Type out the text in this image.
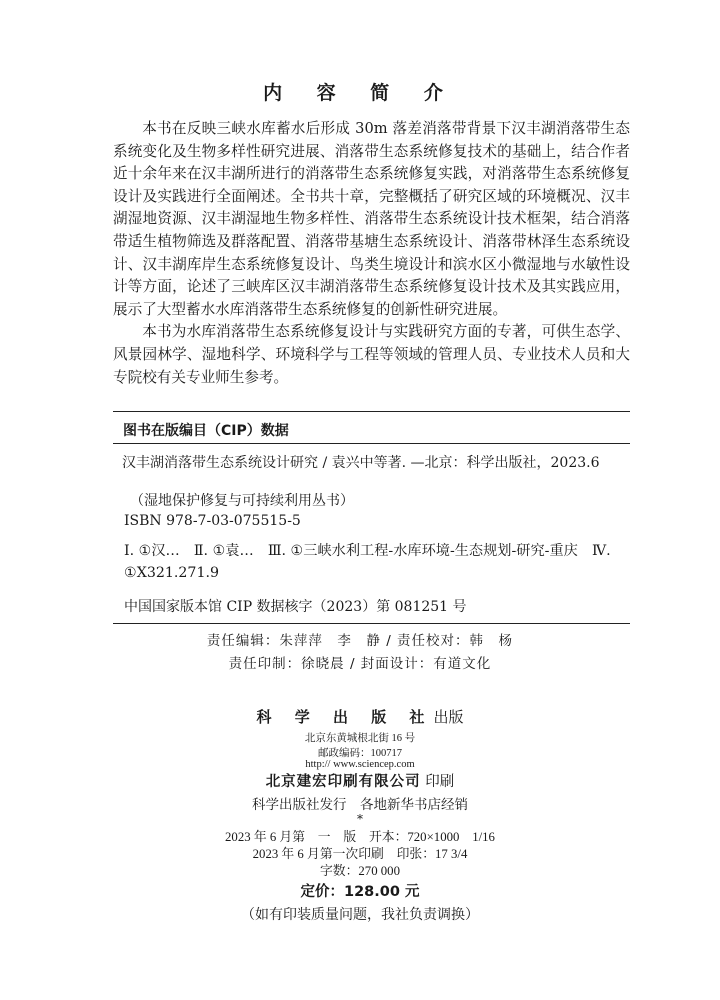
内 容 简 介

本书在反映三峡水库蓄水后形成 30m 落差消落带背景下汉丰湖消落带生态系统变化及生物多样性研究进展、消落带生态系统修复技术的基础上，结合作者近十余年来在汉丰湖所进行的消落带生态系统修复实践，对消落带生态系统修复设计及实践进行全面阐述。全书共十章，完整概括了研究区域的环境概况、汉丰湖湿地资源、汉丰湖湿地生物多样性、消落带生态系统设计技术框架，结合消落带适生植物筛选及群落配置、消落带基塘生态系统设计、消落带林泽生态系统设计、汉丰湖库岸生态系统修复设计、鸟类生境设计和滨水区小微湿地与水敏性设计等方面，论述了三峡库区汉丰湖消落带生态系统修复设计技术及其实践应用，展示了大型蓄水水库消落带生态系统修复的创新性研究进展。

本书为水库消落带生态系统修复设计与实践研究方面的专著，可供生态学、风景园林学、湿地科学、环境科学与工程等领域的管理人员、专业技术人员和大专院校有关专业师生参考。

图书在版编目（CIP）数据
汉丰湖消落带生态系统设计研究 / 袁兴中等著. —北京：科学出版社，2023.6
（湿地保护修复与可持续利用丛书）
ISBN 978-7-03-075515-5
Ⅰ. ①汉…　Ⅱ. ①袁…　Ⅲ. ①三峡水利工程-水库环境-生态规划-研究-重庆　Ⅳ. ①X321.271.9
中国国家版本馆 CIP 数据核字（2023）第 081251 号
责任编辑：朱萍萍　李　静 / 责任校对：韩　杨
责任印制：徐晓晨 / 封面设计：有道文化
科 学 出 版 社出版
北京东黄城根北街 16 号
邮政编码：100717
http:// www.sciencep.com
北京建宏印刷有限公司 印刷
科学出版社发行　各地新华书店经销
*
2023 年 6 月第　一　版　开本：720×1000　1/16
2023 年 6 月第一次印刷　印张：17 3/4
字数：270 000
定价：128.00 元
（如有印装质量问题，我社负责调换）
